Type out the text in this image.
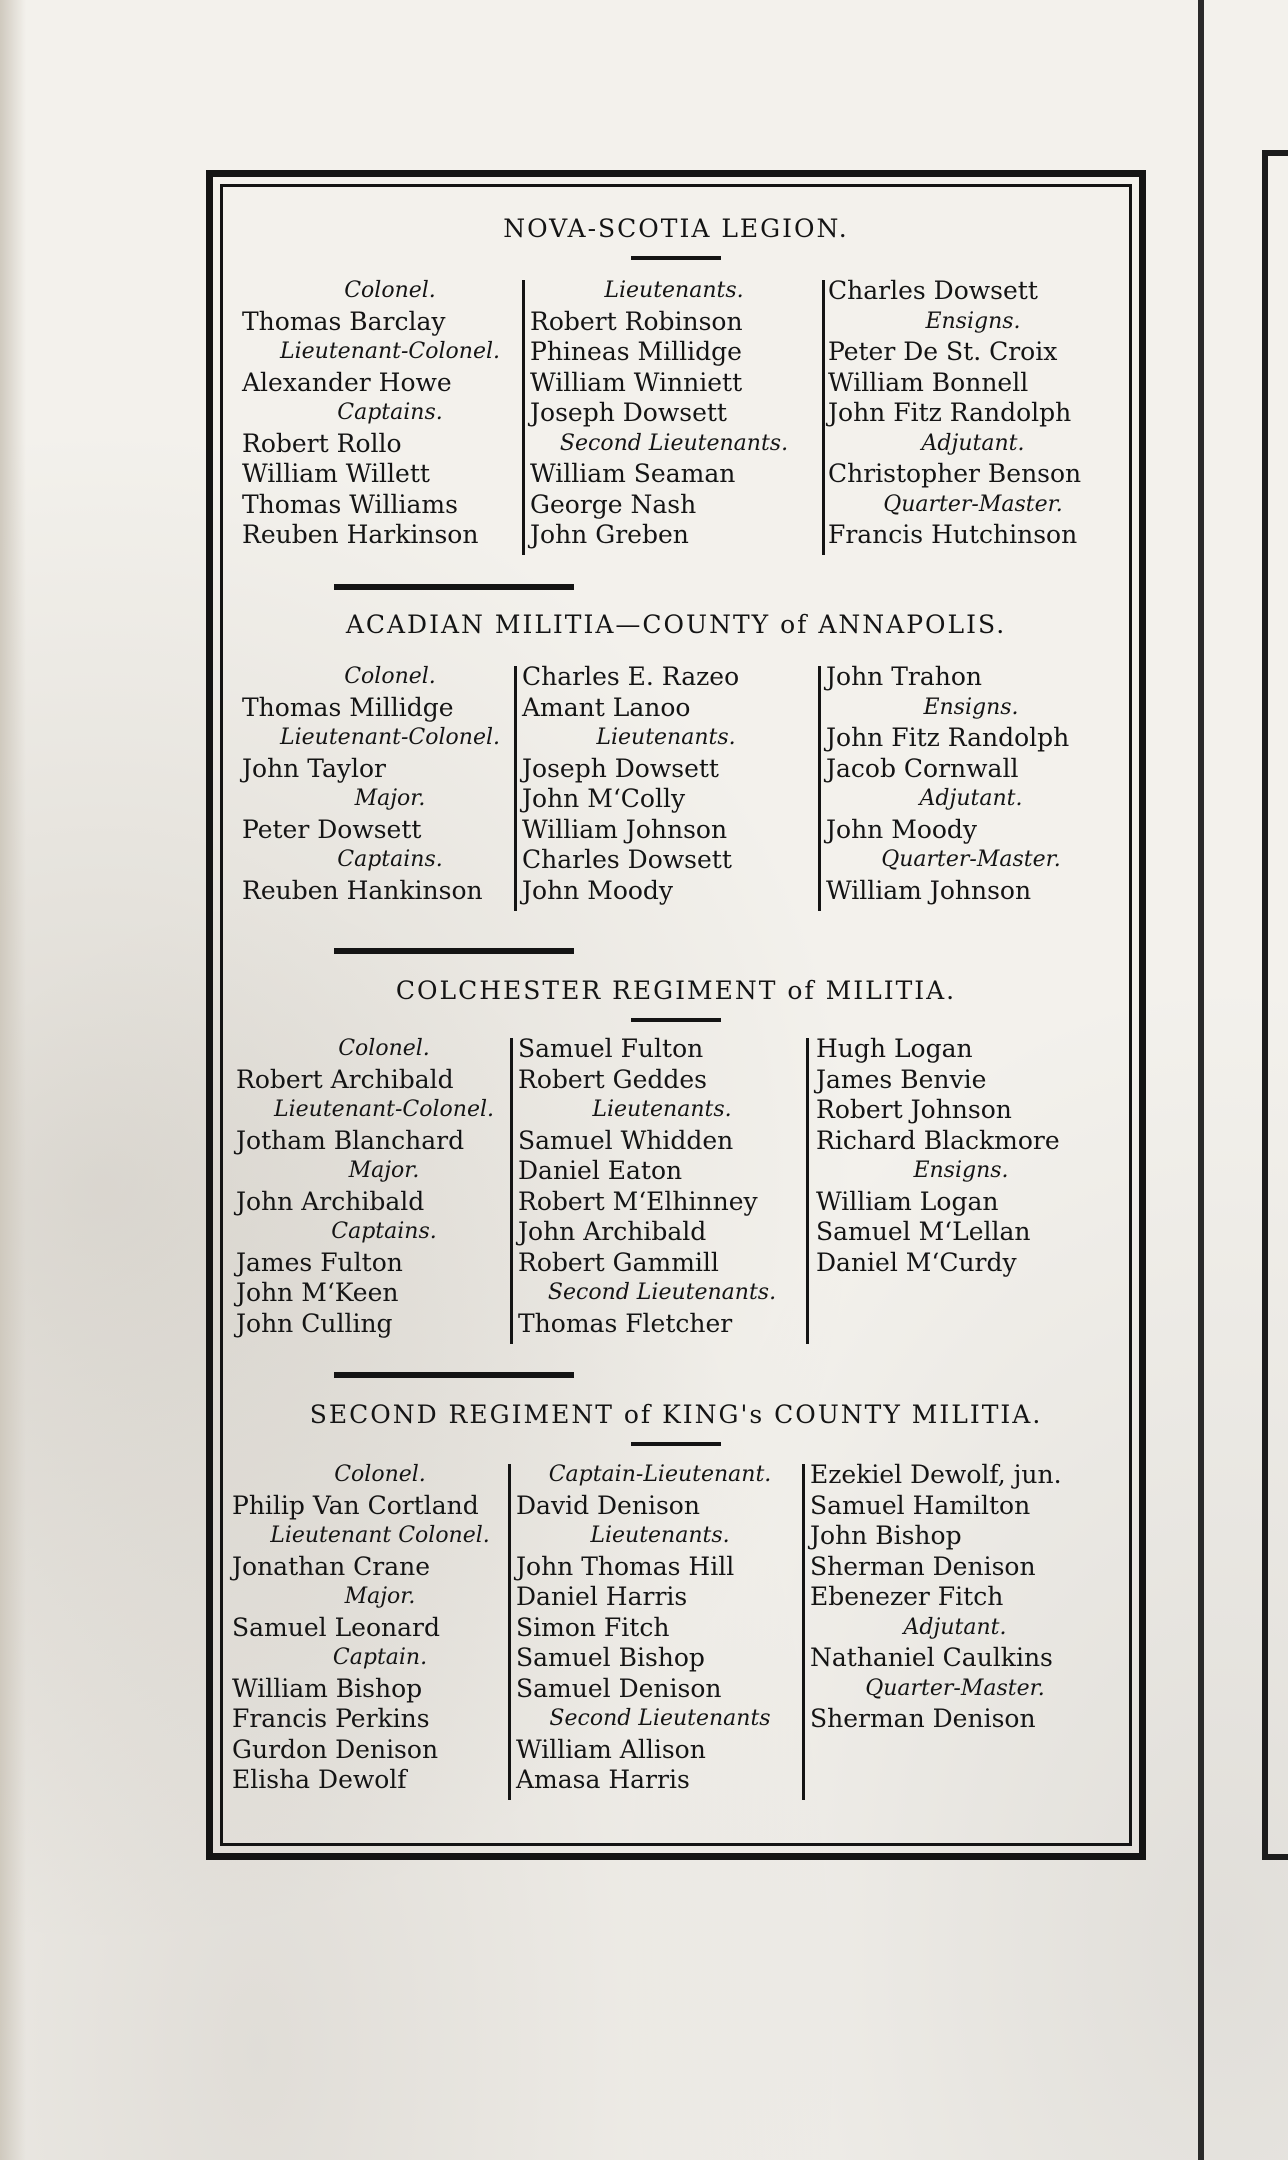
NOVA-SCOTIA LEGION.
Colonel.
Thomas Barclay
Lieutenant-Colonel.
Alexander Howe
Captains.
Robert Rollo
William Willett
Thomas Williams
Reuben Harkinson
Lieutenants.
Robert Robinson
Phineas Millidge
William Winniett
Joseph Dowsett
Second Lieutenants.
William Seaman
George Nash
John Greben
Charles Dowsett
Ensigns.
Peter De St. Croix
William Bonnell
John Fitz Randolph
Adjutant.
Christopher Benson
Quarter-Master.
Francis Hutchinson
ACADIAN MILITIA—COUNTY of ANNAPOLIS.
Colonel.
Thomas Millidge
Lieutenant-Colonel.
John Taylor
Major.
Peter Dowsett
Captains.
Reuben Hankinson
Charles E. Razeo
Amant Lanoo
Lieutenants.
Joseph Dowsett
John M‘Colly
William Johnson
Charles Dowsett
John Moody
John Trahon
Ensigns.
John Fitz Randolph
Jacob Cornwall
Adjutant.
John Moody
Quarter-Master.
William Johnson
COLCHESTER REGIMENT of MILITIA.
Colonel.
Robert Archibald
Lieutenant-Colonel.
Jotham Blanchard
Major.
John Archibald
Captains.
James Fulton
John M‘Keen
John Culling
Samuel Fulton
Robert Geddes
Lieutenants.
Samuel Whidden
Daniel Eaton
Robert M‘Elhinney
John Archibald
Robert Gammill
Second Lieutenants.
Thomas Fletcher
Hugh Logan
James Benvie
Robert Johnson
Richard Blackmore
Ensigns.
William Logan
Samuel M‘Lellan
Daniel M‘Curdy
SECOND REGIMENT of KING's COUNTY MILITIA.
Colonel.
Philip Van Cortland
Lieutenant Colonel.
Jonathan Crane
Major.
Samuel Leonard
Captain.
William Bishop
Francis Perkins
Gurdon Denison
Elisha Dewolf
Captain-Lieutenant.
David Denison
Lieutenants.
John Thomas Hill
Daniel Harris
Simon Fitch
Samuel Bishop
Samuel Denison
Second Lieutenants
William Allison
Amasa Harris
Ezekiel Dewolf, jun.
Samuel Hamilton
John Bishop
Sherman Denison
Ebenezer Fitch
Adjutant.
Nathaniel Caulkins
Quarter-Master.
Sherman Denison
